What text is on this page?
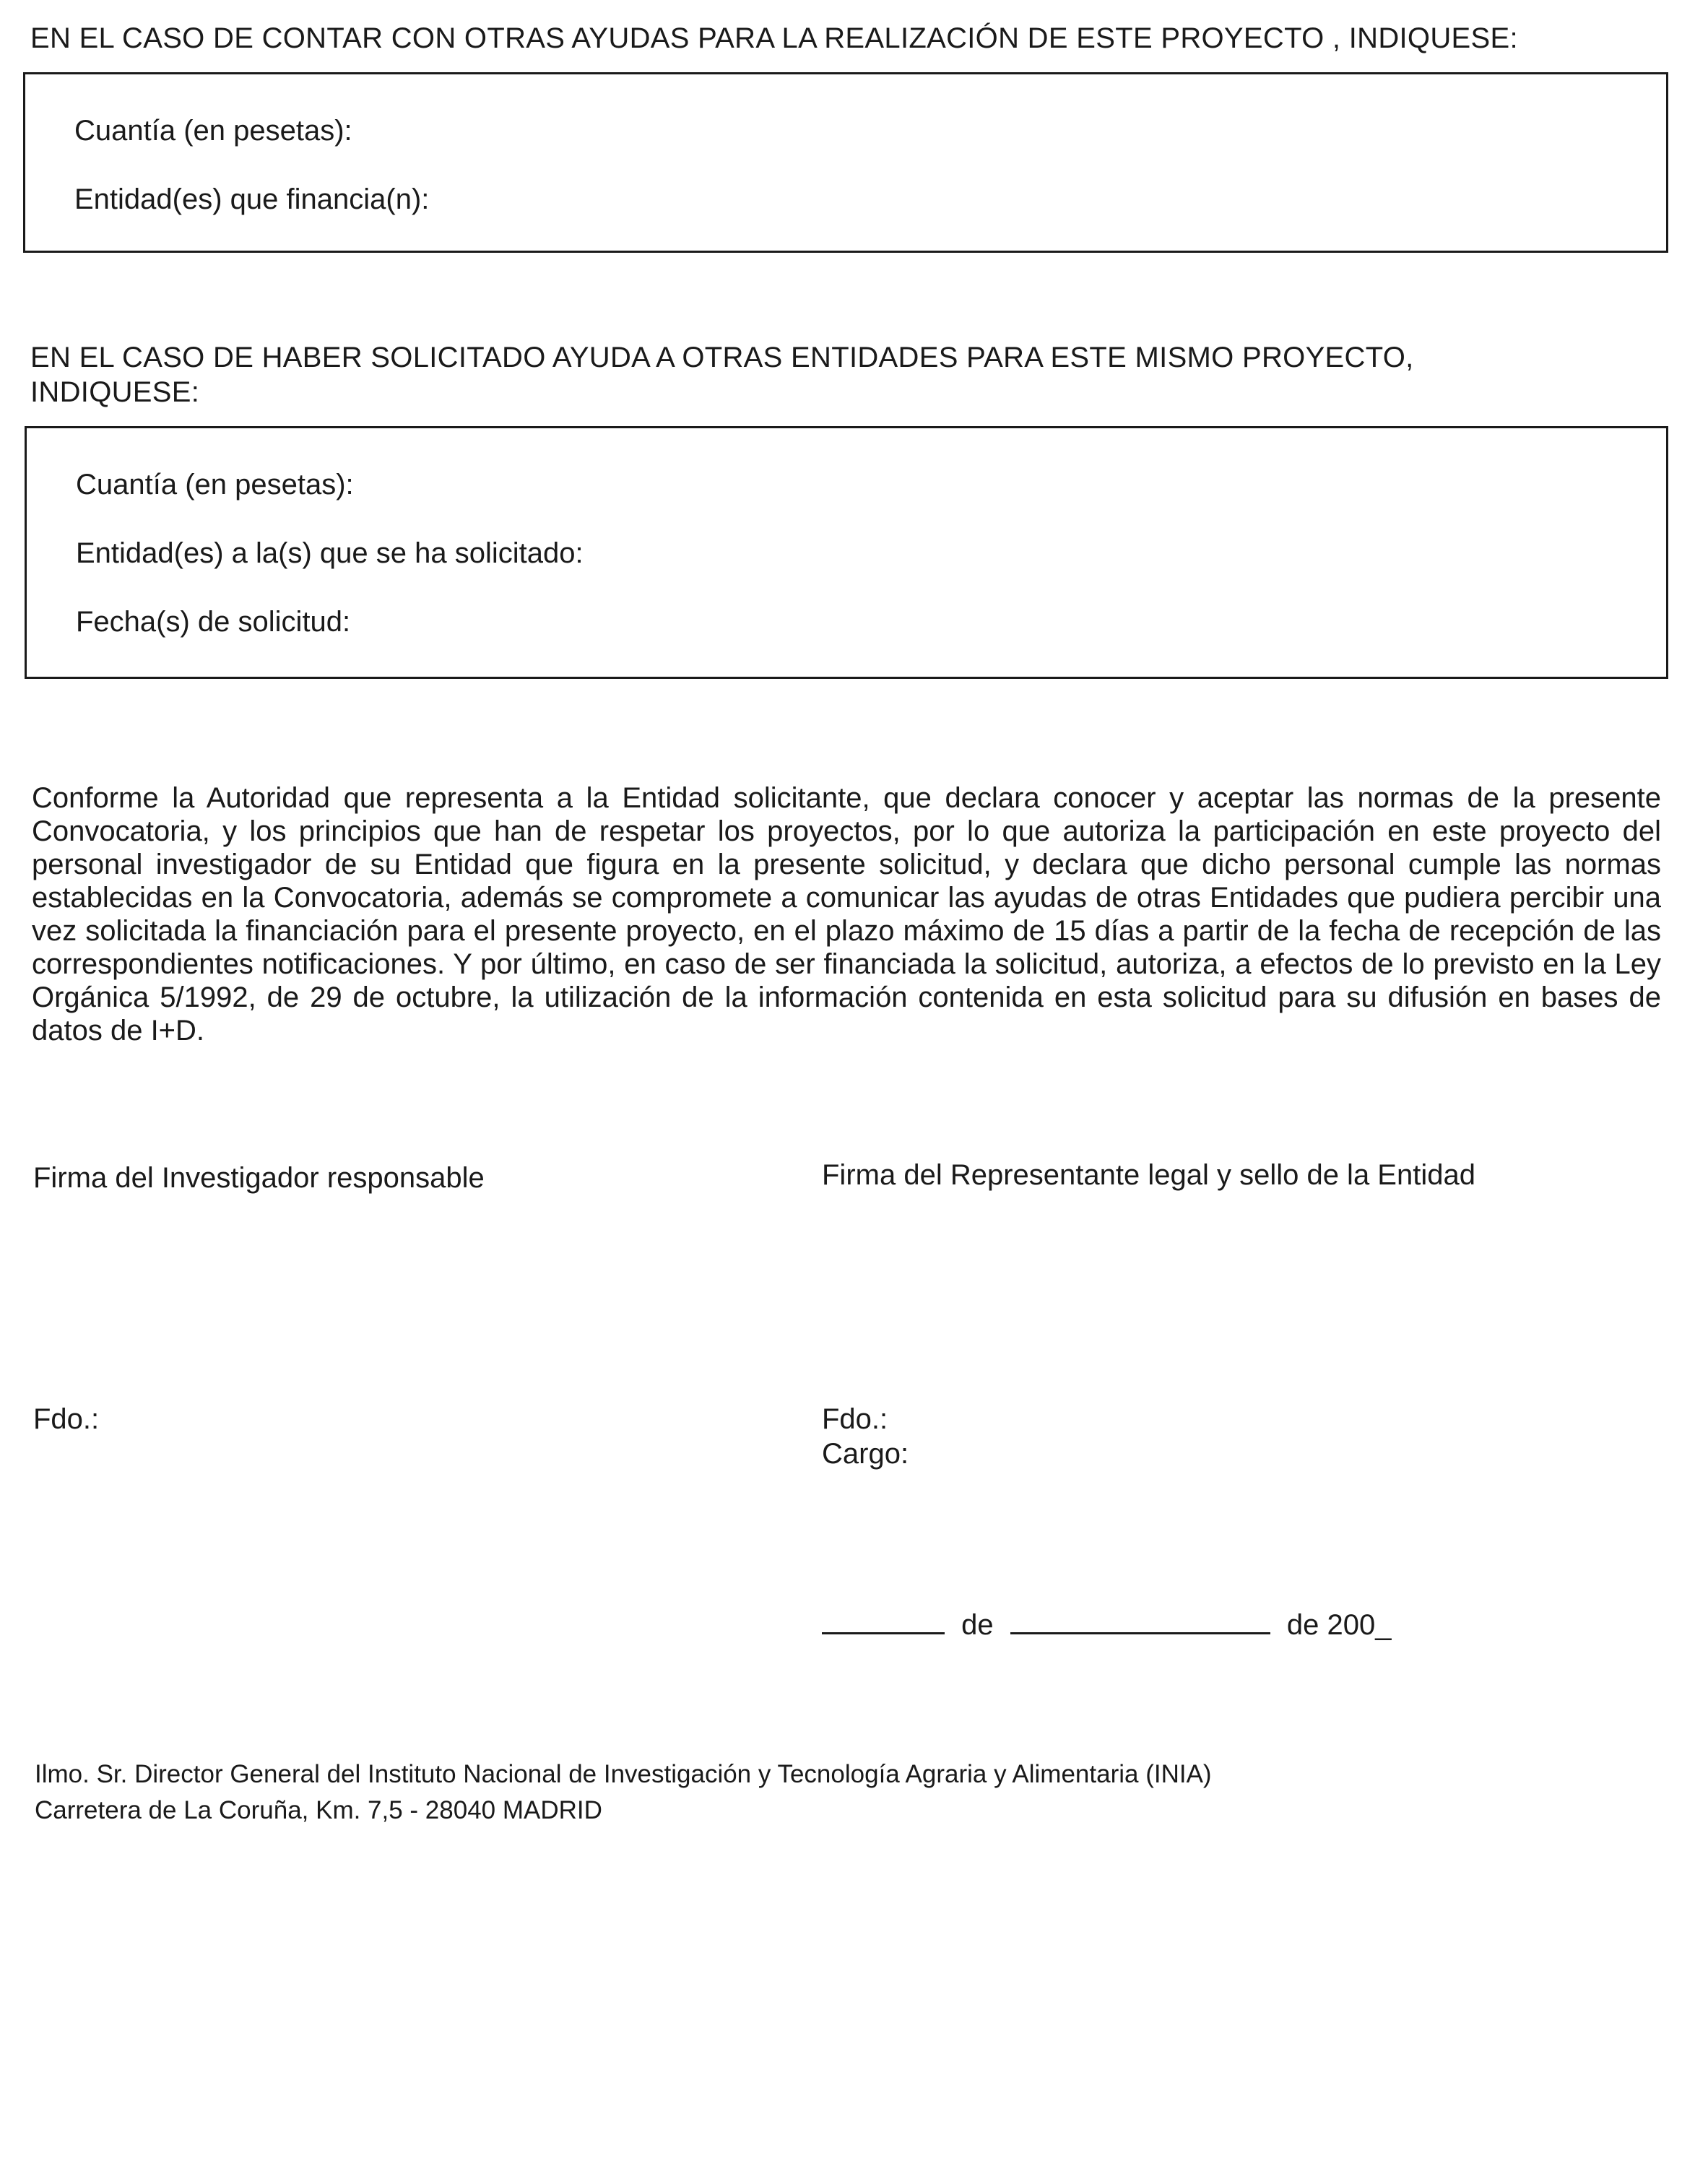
EN EL CASO DE CONTAR CON OTRAS AYUDAS PARA LA REALIZACIÓN DE ESTE PROYECTO , INDIQUESE:
Cuantía (en pesetas):
Entidad(es) que financia(n):
EN EL CASO DE HABER SOLICITADO AYUDA A OTRAS ENTIDADES PARA ESTE MISMO PROYECTO,
INDIQUESE:
Cuantía (en pesetas):
Entidad(es) a la(s) que se ha solicitado:
Fecha(s) de solicitud:
Conforme la Autoridad que representa a la Entidad solicitante, que declara conocer y aceptar las normas de la presente Convocatoria, y los principios que han de respetar los proyectos, por lo que autoriza la participación en este proyecto del personal investigador de su Entidad que figura en la presente solicitud, y declara que dicho personal cumple las normas establecidas en la Convocatoria, además se compromete a comunicar las ayudas de otras Entidades que pudiera percibir una vez solicitada la financiación para el presente proyecto, en el plazo máximo de 15 días a partir de la fecha de recepción de las correspondientes notificaciones. Y por último, en caso de ser financiada la solicitud, autoriza, a efectos de lo previsto en la Ley Orgánica 5/1992, de 29 de octubre, la utilización de la información contenida en esta solicitud para su difusión en bases de datos de I+D.
Firma del Investigador responsable	Firma del Representante legal y sello de la Entidad
Fdo.:	Fdo.:
Cargo:
de	de 200_
Ilmo. Sr. Director General del Instituto Nacional de Investigación y Tecnología Agraria y Alimentaria (INIA)
Carretera de La Coruña, Km. 7,5 - 28040 MADRID
